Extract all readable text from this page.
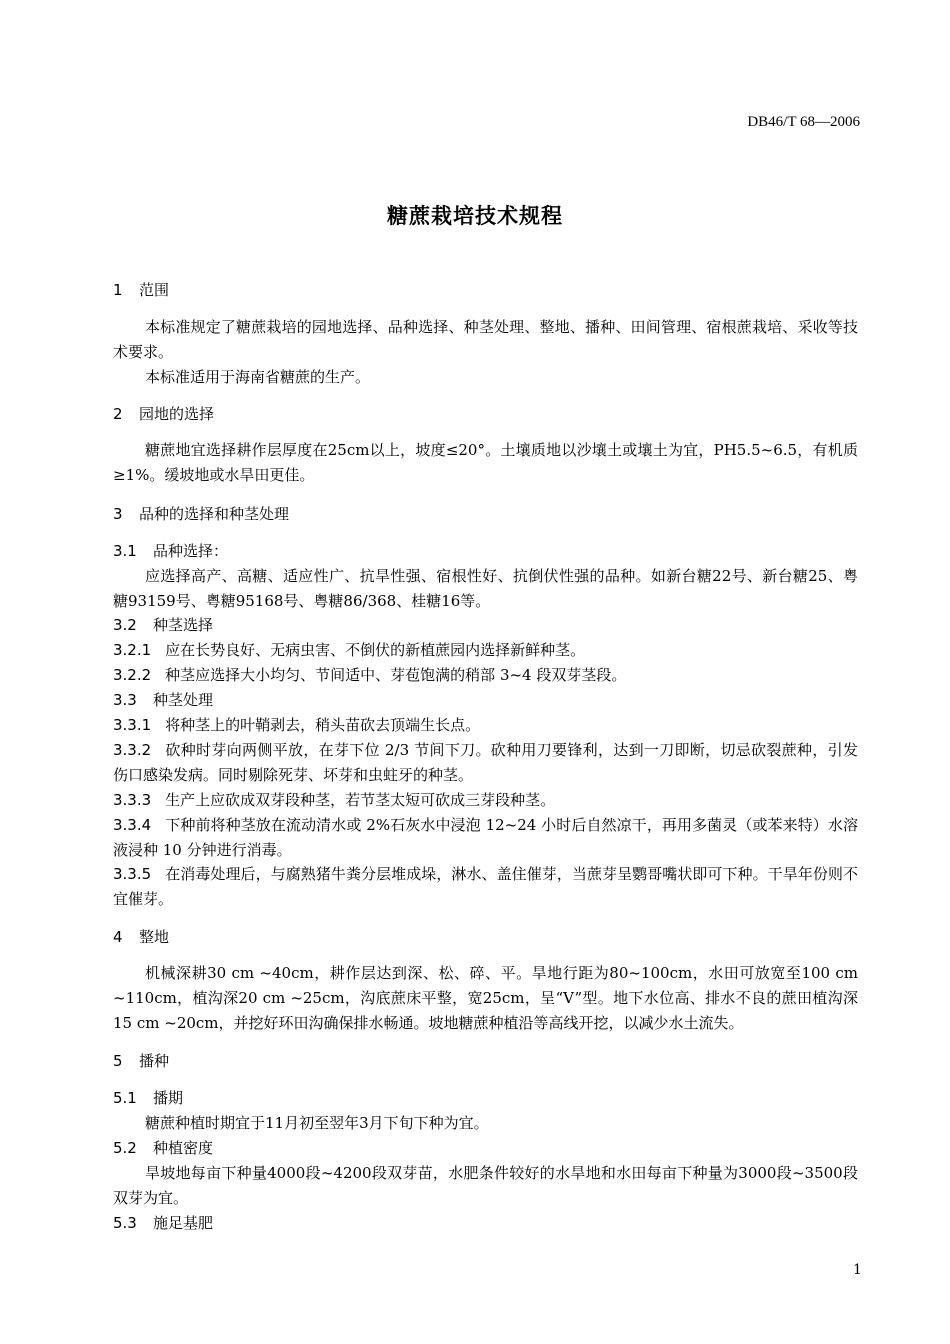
DB46/T 68—2006
糖蔗栽培技术规程
1 范围
本标准规定了糖蔗栽培的园地选择、品种选择、种茎处理、整地、播种、田间管理、宿根蔗栽培、采收等技术要求。
本标准适用于海南省糖蔗的生产。
2 园地的选择
糖蔗地宜选择耕作层厚度在25cm以上，坡度≤20°。土壤质地以沙壤土或壤土为宜，PH5.5~6.5，有机质≥1%。缓坡地或水旱田更佳。
3 品种的选择和种茎处理
3.1 品种选择：
应选择高产、高糖、适应性广、抗旱性强、宿根性好、抗倒伏性强的品种。如新台糖22号、新台糖25、粤糖93159号、粤糖95168号、粤糖86/368、桂糖16等。
3.2 种茎选择
3.2.1 应在长势良好、无病虫害、不倒伏的新植蔗园内选择新鲜种茎。
3.2.2 种茎应选择大小均匀、节间适中、芽苞饱满的稍部 3~4 段双芽茎段。
3.3 种茎处理
3.3.1 将种茎上的叶鞘剥去，稍头苗砍去顶端生长点。
3.3.2 砍种时芽向两侧平放，在芽下位 2/3 节间下刀。砍种用刀要锋利，达到一刀即断，切忌砍裂蔗种，引发伤口感染发病。同时剔除死芽、坏芽和虫蛀牙的种茎。
3.3.3 生产上应砍成双芽段种茎，若节茎太短可砍成三芽段种茎。
3.3.4 下种前将种茎放在流动清水或 2%石灰水中浸泡 12~24 小时后自然凉干，再用多菌灵（或苯来特）水溶液浸种 10 分钟进行消毒。
3.3.5 在消毒处理后，与腐熟猪牛粪分层堆成垛，淋水、盖住催芽，当蔗芽呈鹦哥嘴状即可下种。干旱年份则不宜催芽。
4 整地
机械深耕30 cm ~40cm，耕作层达到深、松、碎、平。旱地行距为80~100cm，水田可放宽至100 cm ~110cm，植沟深20 cm ~25cm，沟底蔗床平整，宽25cm，呈“V”型。地下水位高、排水不良的蔗田植沟深15 cm ~20cm，并挖好环田沟确保排水畅通。坡地糖蔗种植沿等高线开挖，以减少水土流失。
5 播种
5.1 播期
糖蔗种植时期宜于11月初至翌年3月下旬下种为宜。
5.2 种植密度
旱坡地每亩下种量4000段~4200段双芽苗，水肥条件较好的水旱地和水田每亩下种量为3000段~3500段双芽为宜。
5.3 施足基肥
1
